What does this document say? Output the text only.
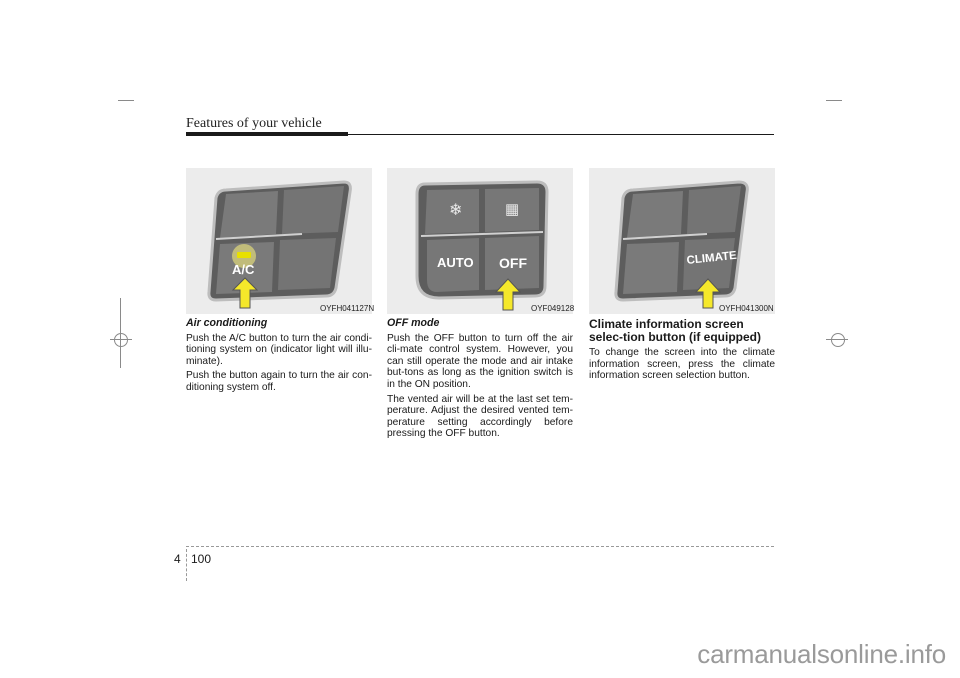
Features of your vehicle
A/C
OYFH041127N
❄	▦
AUTO OFF
OYF049128
CLIMATE
OYFH041300N

Air conditioning

Push the A/C button to turn the air condi-tioning system on (indicator light will illu-minate).

Push the button again to turn the air con-ditioning system off.

OFF mode

Push the OFF button to turn off the air cli-mate control system. However, you can still operate the mode and air intake but-tons as long as the ignition switch is in the ON position.

The vented air will be at the last set tem-perature. Adjust the desired vented tem-perature setting accordingly before pressing the OFF button.

Climate information screen selec-tion button (if equipped)

To change the screen into the climate information screen, press the climate information screen selection button.

4 100
carmanualsonline.info
